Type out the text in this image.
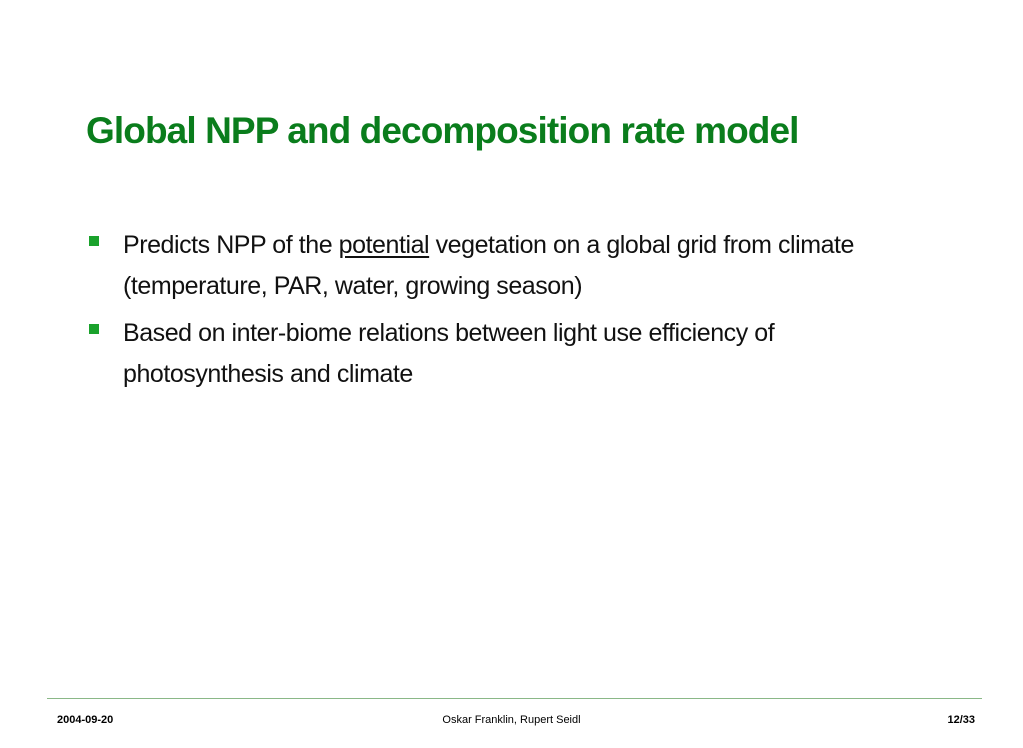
Global NPP and decomposition rate model
Predicts NPP of the potential vegetation on a global grid from climate (temperature, PAR, water, growing season)
Based on inter-biome relations between light use efficiency of photosynthesis and climate
2004-09-20	Oskar Franklin, Rupert Seidl	12/33
